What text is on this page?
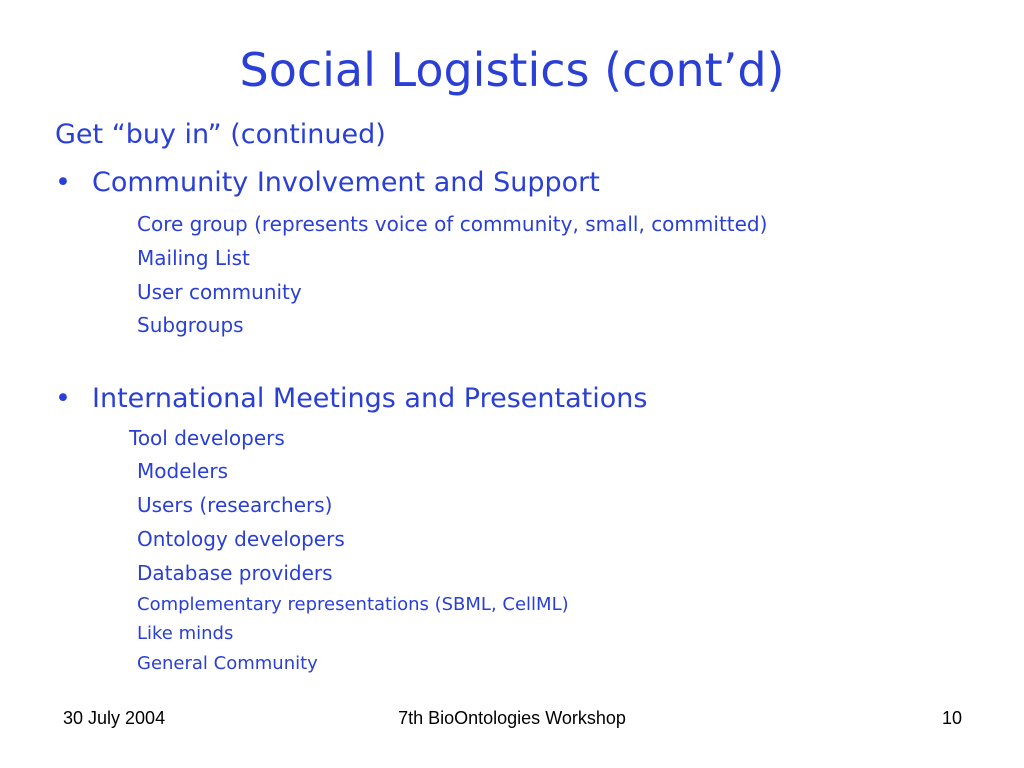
Social Logistics (cont’d)
Get “buy in” (continued)
• Community Involvement and Support
Core group (represents voice of community, small, committed)
Mailing List
User community
Subgroups
• International Meetings and Presentations
Tool developers
Modelers
Users (researchers)
Ontology developers
Database providers
Complementary representations (SBML, CellML)
Like minds
General Community
30 July 2004	7th BioOntologies Workshop	10
